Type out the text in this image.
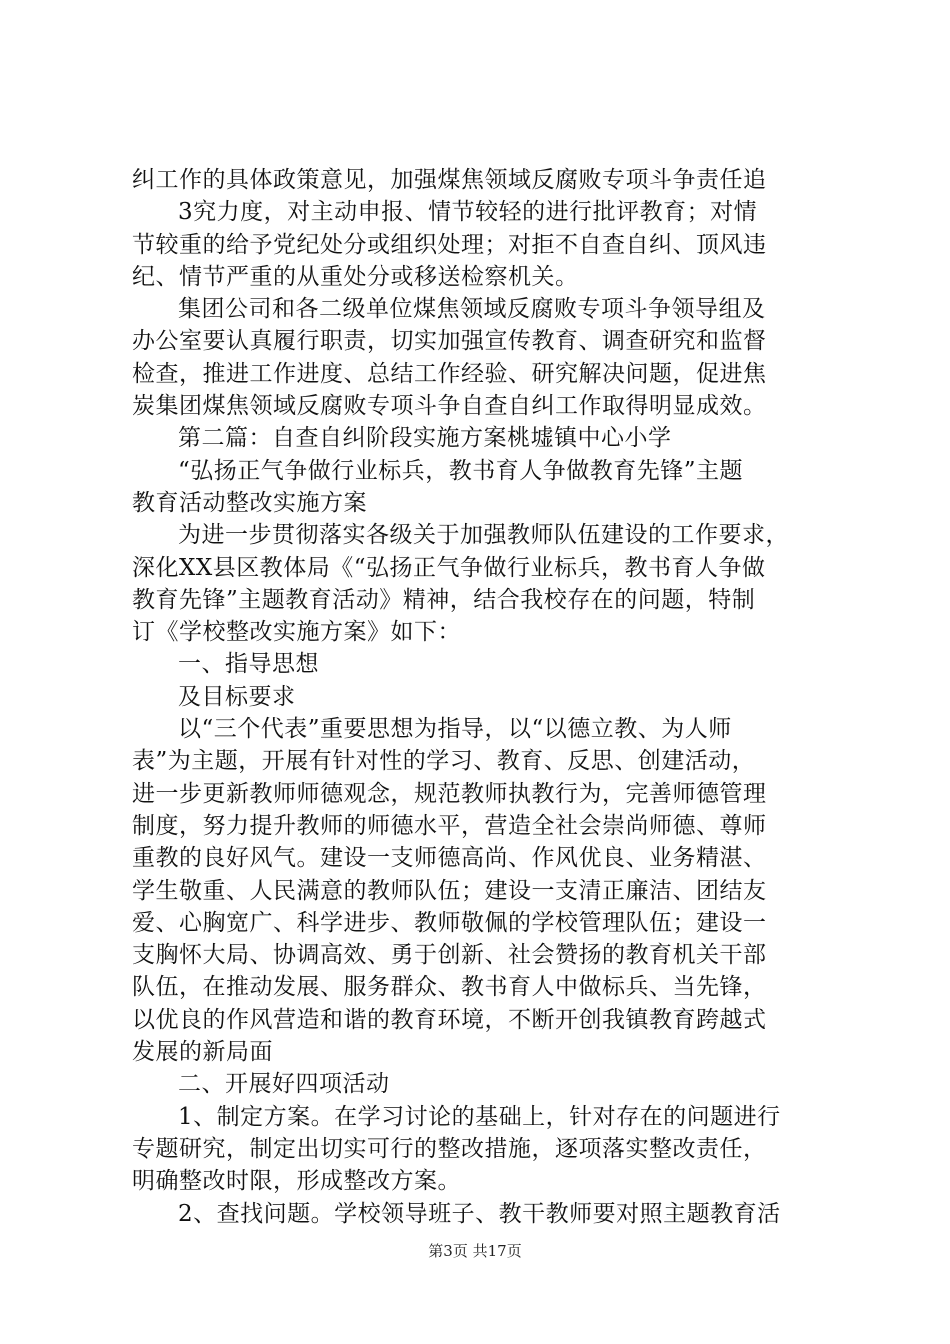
纠工作的具体政策意见，加强煤焦领域反腐败专项斗争责任追
3究力度，对主动申报、情节较轻的进行批评教育；对情
节较重的给予党纪处分或组织处理；对拒不自查自纠、顶风违
纪、情节严重的从重处分或移送检察机关。
集团公司和各二级单位煤焦领域反腐败专项斗争领导组及
办公室要认真履行职责，切实加强宣传教育、调查研究和监督
检查，推进工作进度、总结工作经验、研究解决问题，促进焦
炭集团煤焦领域反腐败专项斗争自查自纠工作取得明显成效。
第二篇：自查自纠阶段实施方案桃墟镇中心小学
“弘扬正气争做行业标兵，教书育人争做教育先锋”主题
教育活动整改实施方案
为进一步贯彻落实各级关于加强教师队伍建设的工作要求，
深化XX县区教体局《“弘扬正气争做行业标兵，教书育人争做
教育先锋”主题教育活动》精神，结合我校存在的问题，特制
订《学校整改实施方案》如下：
一、指导思想
及目标要求
以“三个代表”重要思想为指导，以“以德立教、为人师
表”为主题，开展有针对性的学习、教育、反思、创建活动，
进一步更新教师师德观念，规范教师执教行为，完善师德管理
制度，努力提升教师的师德水平，营造全社会崇尚师德、尊师
重教的良好风气。建设一支师德高尚、作风优良、业务精湛、
学生敬重、人民满意的教师队伍；建设一支清正廉洁、团结友
爱、心胸宽广、科学进步、教师敬佩的学校管理队伍；建设一
支胸怀大局、协调高效、勇于创新、社会赞扬的教育机关干部
队伍，在推动发展、服务群众、教书育人中做标兵、当先锋，
以优良的作风营造和谐的教育环境，不断开创我镇教育跨越式
发展的新局面
二、开展好四项活动
1、制定方案。在学习讨论的基础上，针对存在的问题进行
专题研究，制定出切实可行的整改措施，逐项落实整改责任，
明确整改时限，形成整改方案。
2、查找问题。学校领导班子、教干教师要对照主题教育活
第3页 共17页
